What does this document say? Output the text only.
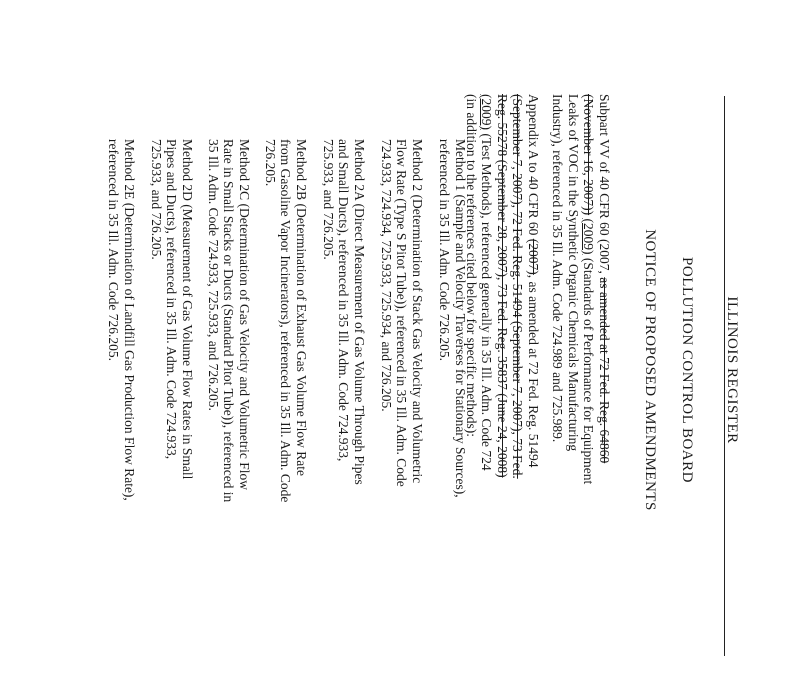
ILLINOIS REGISTER
POLLUTION CONTROL BOARD
NOTICE OF PROPOSED AMENDMENTS
Subpart VV of 40 CFR 60 (2007, as amended at 72 Fed. Reg. 64860
(November 16, 2007)) (2009) (Standards of Performance for Equipment
Leaks of VOC in the Synthetic Organic Chemicals Manufacturing
Industry), referenced in 35 Ill. Adm. Code 724.989 and 725.989.
Appendix A to 40 CFR 60 (2007), as amended at 72 Fed. Reg. 51494
(September 7, 2007), 72 Fed. Reg. 51494 (September 7, 2007), 73 Fed.
Reg. 55278 (September 28, 2007), 73 Fed. Reg. 35837 (June 24, 2008)
(2009) (Test Methods), referenced generally in 35 Ill. Adm. Code 724
(in addition to the references cited below for specific methods):
Method 1 (Sample and Velocity Traverses for Stationary Sources),
referenced in 35 Ill. Adm. Code 726.205.
Method 2 (Determination of Stack Gas Velocity and Volumetric
Flow Rate (Type S Pitot Tube)), referenced in 35 Ill. Adm. Code
724.933, 724.934, 725.933, 725.934, and 726.205.
Method 2A (Direct Measurement of Gas Volume Through Pipes
and Small Ducts), referenced in 35 Ill. Adm. Code 724.933,
725.933, and 726.205.
Method 2B (Determination of Exhaust Gas Volume Flow Rate
from Gasoline Vapor Incinerators), referenced in 35 Ill. Adm. Code
726.205.
Method 2C (Determination of Gas Velocity and Volumetric Flow
Rate in Small Stacks or Ducts (Standard Pitot Tube)), referenced in
35 Ill. Adm. Code 724.933, 725.933, and 726.205.
Method 2D (Measurement of Gas Volume Flow Rates in Small
Pipes and Ducts), referenced in 35 Ill. Adm. Code 724.933,
725.933, and 726.205.
Method 2E (Determination of Landfill Gas Production Flow Rate),
referenced in 35 Ill. Adm. Code 726.205.
